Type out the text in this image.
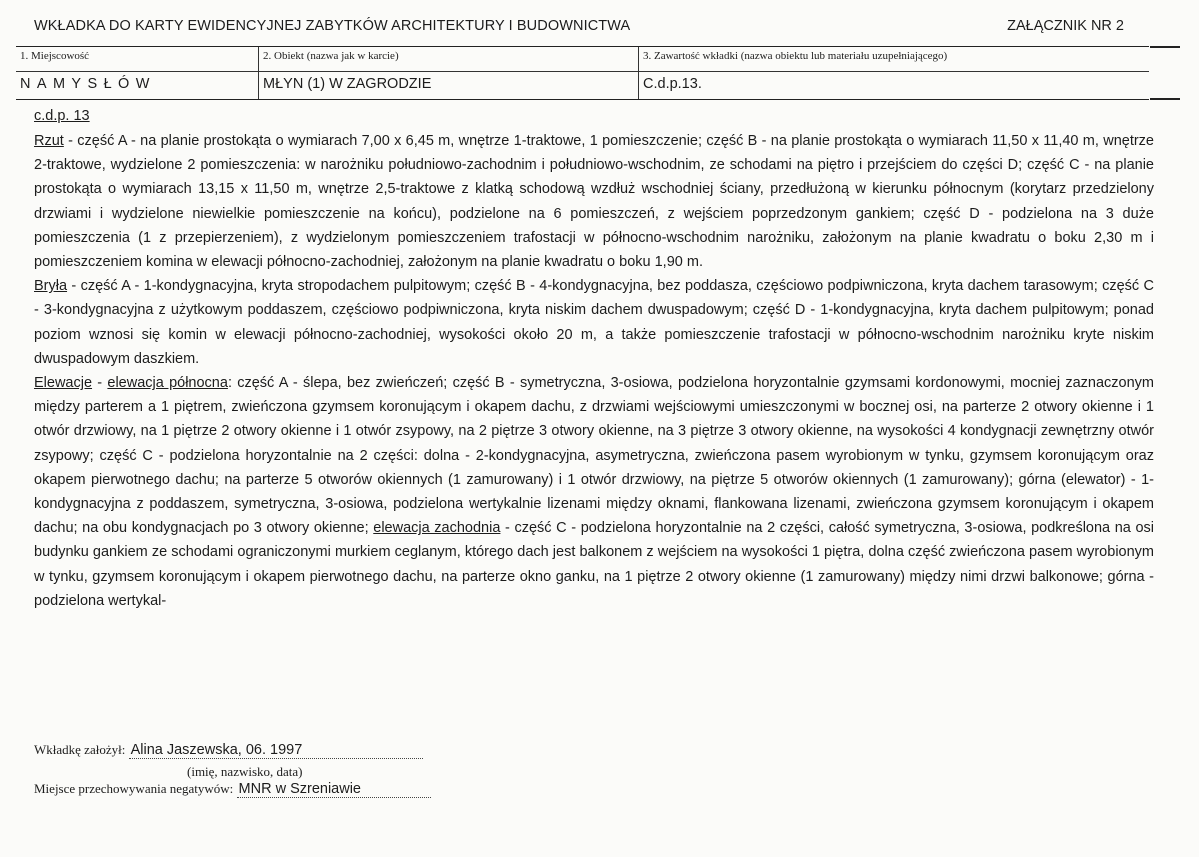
WKŁADKA DO KARTY EWIDENCYJNEJ ZABYTKÓW ARCHITEKTURY I BUDOWNICTWA	ZAŁĄCZNIK NR 2
1. Miejscowość
NAMYSŁÓW
2. Obiekt (nazwa jak w karcie)
MŁYN (1) W ZAGRODZIE
3. Zawartość wkładki (nazwa obiektu lub materiału uzupełniającego)
C.d.p.13.
c.d.p. 13

Rzut - część A - na planie prostokąta o wymiarach 7,00 x 6,45 m, wnętrze 1-traktowe, 1 pomieszczenie; część B - na planie prostokąta o wymiarach 11,50 x 11,40 m, wnętrze 2-traktowe, wydzielone 2 pomieszczenia: w narożniku południowo-zachodnim i południowo-wschodnim, ze schodami na piętro i przejściem do części D; część C - na planie prostokąta o wymiarach 13,15 x 11,50 m, wnętrze 2,5-traktowe z klatką schodową wzdłuż wschodniej ściany, przedłużoną w kierunku północnym (korytarz przedzielony drzwiami i wydzielone niewielkie pomieszczenie na końcu), podzielone na 6 pomieszczeń, z wejściem poprzedzonym gankiem; część D - podzielona na 3 duże pomieszczenia (1 z przepierzeniem), z wydzielonym pomieszczeniem trafostacji w północno-wschodnim narożniku, założonym na planie kwadratu o boku 2,30 m i pomieszczeniem komina w elewacji północno-zachodniej, założonym na planie kwadratu o boku 1,90 m.

Bryła - część A - 1-kondygnacyjna, kryta stropodachem pulpitowym; część B - 4-kondygnacyjna, bez poddasza, częściowo podpiwniczona, kryta dachem tarasowym; część C - 3-kondygnacyjna z użytkowym poddaszem, częściowo podpiwniczona, kryta niskim dachem dwuspadowym; część D - 1-kondygnacyjna, kryta dachem pulpitowym; ponad poziom wznosi się komin w elewacji północno-zachodniej, wysokości około 20 m, a także pomieszczenie trafostacji w północno-wschodnim narożniku kryte niskim dwuspadowym daszkiem.

Elewacje - elewacja północna: część A - ślepa, bez zwieńczeń; część B - symetryczna, 3-osiowa, podzielona horyzontalnie gzymsami kordonowymi, mocniej zaznaczonym między parterem a 1 piętrem, zwieńczona gzymsem koronującym i okapem dachu, z drzwiami wejściowymi umieszczonymi w bocznej osi, na parterze 2 otwory okienne i 1 otwór drzwiowy, na 1 piętrze 2 otwory okienne i 1 otwór zsypowy, na 2 piętrze 3 otwory okienne, na 3 piętrze 3 otwory okienne, na wysokości 4 kondygnacji zewnętrzny otwór zsypowy; część C - podzielona horyzontalnie na 2 części: dolna - 2-kondygnacyjna, asymetryczna, zwieńczona pasem wyrobionym w tynku, gzymsem koronującym oraz okapem pierwotnego dachu; na parterze 5 otworów okiennych (1 zamurowany) i 1 otwór drzwiowy, na piętrze 5 otworów okiennych (1 zamurowany); górna (elewator) - 1-kondygnacyjna z poddaszem, symetryczna, 3-osiowa, podzielona wertykalnie lizenami między oknami, flankowana lizenami, zwieńczona gzymsem koronującym i okapem dachu; na obu kondygnacjach po 3 otwory okienne; elewacja zachodnia - część C - podzielona horyzontalnie na 2 części, całość symetryczna, 3-osiowa, podkreślona na osi budynku gankiem ze schodami ograniczonymi murkiem ceglanym, którego dach jest balkonem z wejściem na wysokości 1 piętra, dolna część zwieńczona pasem wyrobionym w tynku, gzymsem koronującym i okapem pierwotnego dachu, na parterze okno ganku, na 1 piętrze 2 otwory okienne (1 zamurowany) między nimi drzwi balkonowe; górna - podzielona wertykal-

Wkładkę założył: Alina Jaszewska, 06. 1997
(imię, nazwisko, data)
Miejsce przechowywania negatywów: MNR w Szreniawie
